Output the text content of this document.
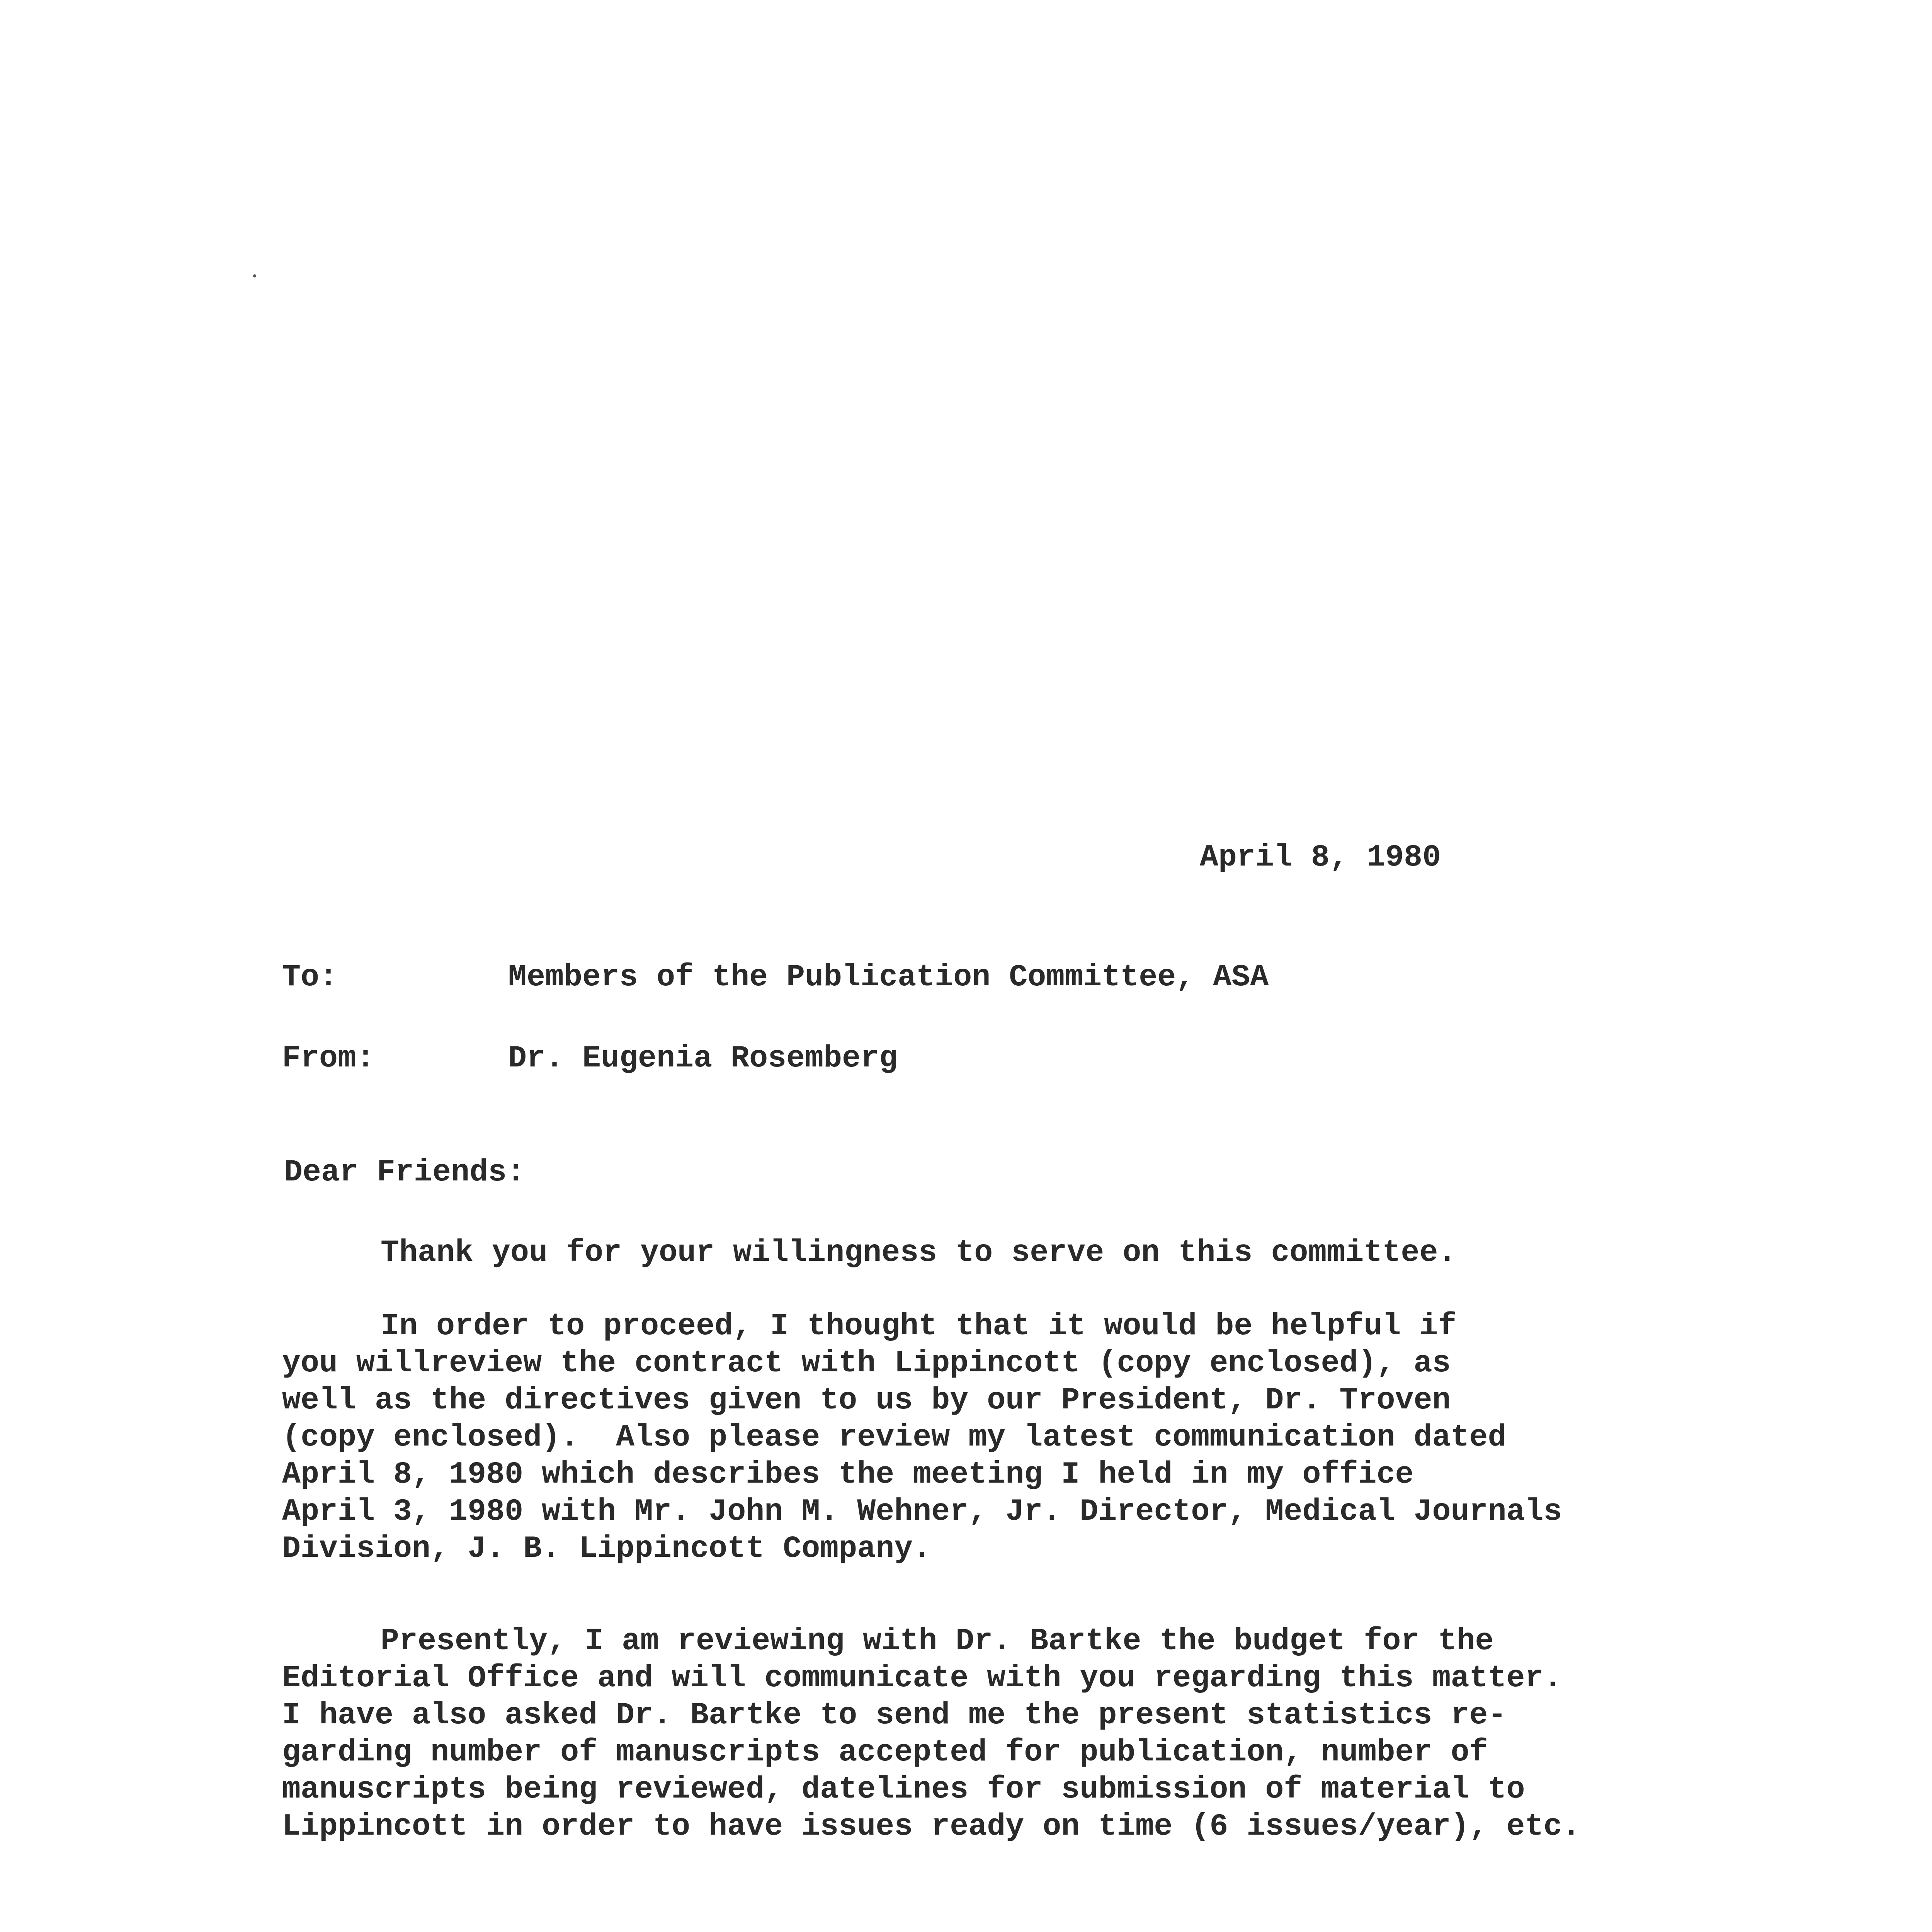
April 8, 1980
To:	Members of the Publication Committee, ASA
From:	Dr. Eugenia Rosemberg
Dear Friends:
Thank you for your willingness to serve on this committee.
In order to proceed, I thought that it would be helpful if
you willreview the contract with Lippincott (copy enclosed), as
well as the directives given to us by our President, Dr. Troven
(copy enclosed).  Also please review my latest communication dated
April 8, 1980 which describes the meeting I held in my office
April 3, 1980 with Mr. John M. Wehner, Jr. Director, Medical Journals
Division, J. B. Lippincott Company.
Presently, I am reviewing with Dr. Bartke the budget for the
Editorial Office and will communicate with you regarding this matter.
I have also asked Dr. Bartke to send me the present statistics re-
garding number of manuscripts accepted for publication, number of
manuscripts being reviewed, datelines for submission of material to
Lippincott in order to have issues ready on time (6 issues/year), etc.
